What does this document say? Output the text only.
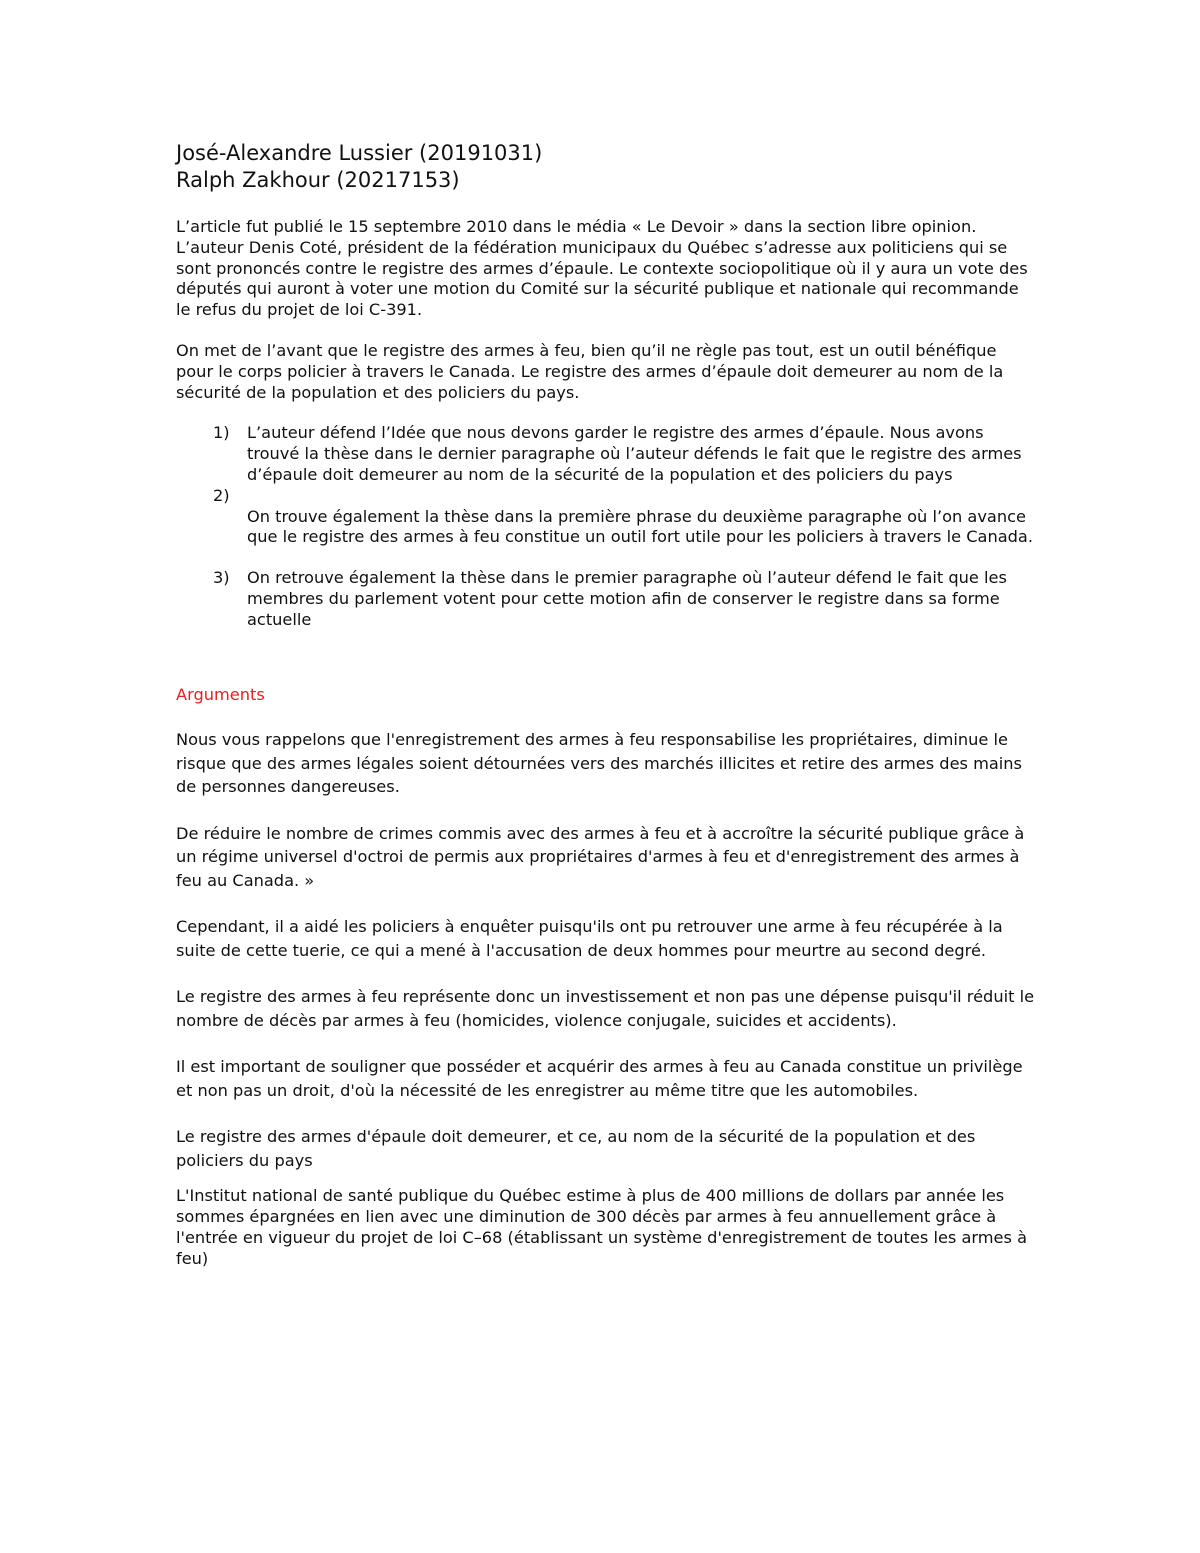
José-Alexandre Lussier (20191031)

Ralph Zakhour (20217153)

L’article fut publié le 15 septembre 2010 dans le média « Le Devoir » dans la section libre opinion. L’auteur Denis Coté, président de la fédération municipaux du Québec s’adresse aux politiciens qui se sont prononcés contre le registre des armes d’épaule. Le contexte sociopolitique où il y aura un vote des députés qui auront à voter une motion du Comité sur la sécurité publique et nationale qui recommande le refus du projet de loi C-391.

On met de l’avant que le registre des armes à feu, bien qu’il ne règle pas tout, est un outil bénéfique pour le corps policier à travers le Canada. Le registre des armes d’épaule doit demeurer au nom de la sécurité de la population et des policiers du pays.

1) L’auteur défend l’Idée que nous devons garder le registre des armes d’épaule. Nous avons trouvé la thèse dans le dernier paragraphe où l’auteur défends le fait que le registre des armes d’épaule doit demeurer au nom de la sécurité de la population et des policiers du pays
2)
On trouve également la thèse dans la première phrase du deuxième paragraphe où l’on avance que le registre des armes à feu constitue un outil fort utile pour les policiers à travers le Canada.
3) On retrouve également la thèse dans le premier paragraphe où l’auteur défend le fait que les membres du parlement votent pour cette motion afin de conserver le registre dans sa forme actuelle

Arguments

Nous vous rappelons que l'enregistrement des armes à feu responsabilise les propriétaires, diminue le risque que des armes légales soient détournées vers des marchés illicites et retire des armes des mains de personnes dangereuses.

De réduire le nombre de crimes commis avec des armes à feu et à accroître la sécurité publique grâce à un régime universel d'octroi de permis aux propriétaires d'armes à feu et d'enregistrement des armes à feu au Canada. »

Cependant, il a aidé les policiers à enquêter puisqu'ils ont pu retrouver une arme à feu récupérée à la suite de cette tuerie, ce qui a mené à l'accusation de deux hommes pour meurtre au second degré.

Le registre des armes à feu représente donc un investissement et non pas une dépense puisqu'il réduit le nombre de décès par armes à feu (homicides, violence conjugale, suicides et accidents).

Il est important de souligner que posséder et acquérir des armes à feu au Canada constitue un privilège et non pas un droit, d'où la nécessité de les enregistrer au même titre que les automobiles.

Le registre des armes d'épaule doit demeurer, et ce, au nom de la sécurité de la population et des policiers du pays

L'Institut national de santé publique du Québec estime à plus de 400 millions de dollars par année les sommes épargnées en lien avec une diminution de 300 décès par armes à feu annuellement grâce à l'entrée en vigueur du projet de loi C–68 (établissant un système d'enregistrement de toutes les armes à feu)
